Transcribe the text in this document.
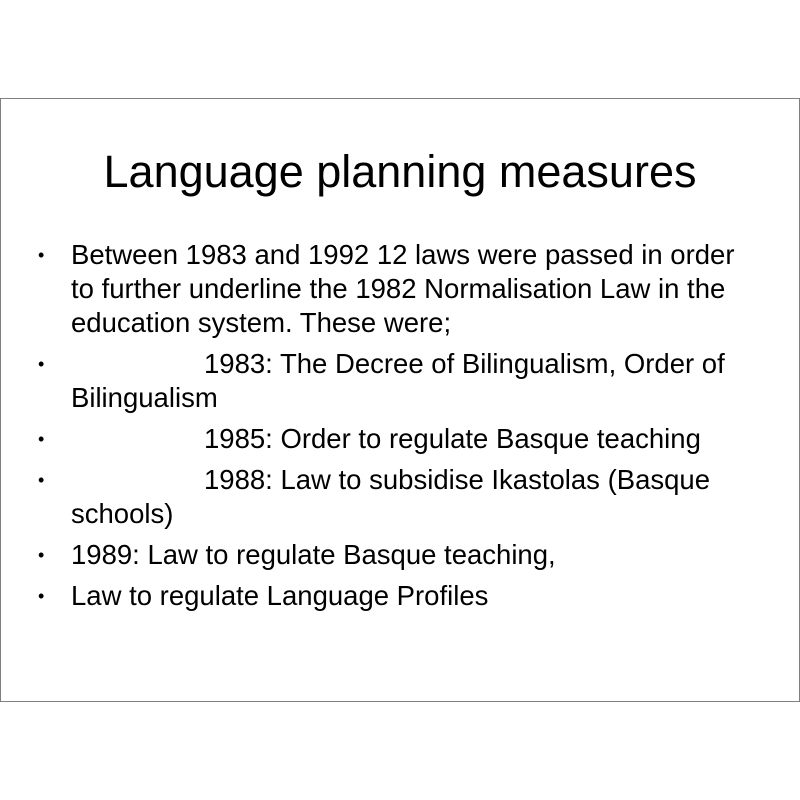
Language planning measures
• Between 1983 and 1992 12 laws were passed in order to further underline the 1982 Normalisation Law in the education system. These were;
•	1983: The Decree of Bilingualism, Order of Bilingualism
•	1985: Order to regulate Basque teaching
•	1988: Law to subsidise Ikastolas (Basque schools)
• 1989: Law to regulate Basque teaching,
• Law to regulate Language Profiles
